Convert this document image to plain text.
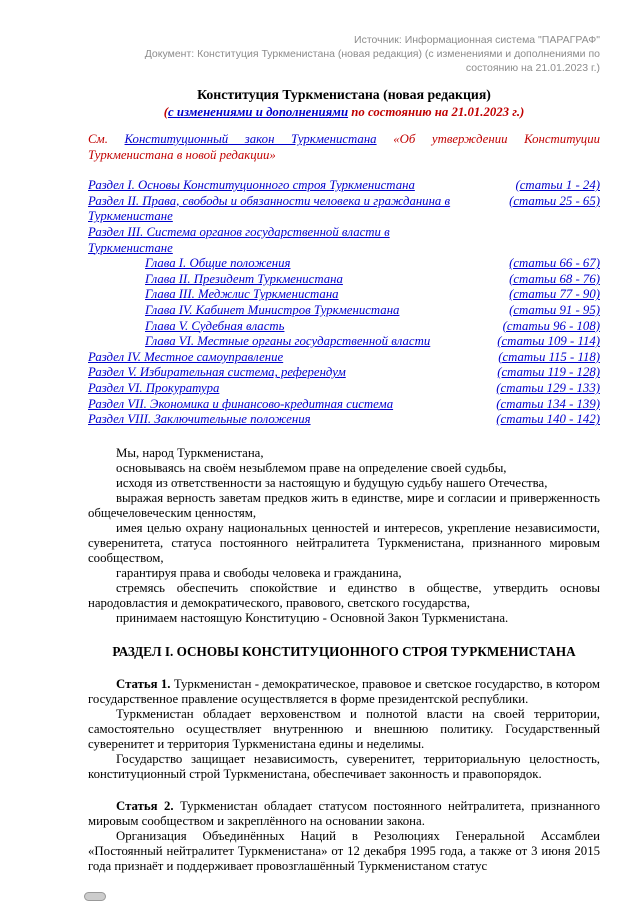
Источник: Информационная система "ПАРАГРАФ"
Документ: Конституция Туркменистана (новая редакция) (с изменениями и дополнениями по состоянию на 21.01.2023 г.)
Конституция Туркменистана (новая редакция)
(с изменениями и дополнениями по состоянию на 21.01.2023 г.)

См. Конституционный закон Туркменистана «Об утверждении Конституции Туркменистана в новой редакции»

Раздел I. Основы Конституционного строя Туркменистана	(статьи 1 - 24)
Раздел II. Права, свободы и обязанности человека и гражданина в Туркменистане
(статьи 25 - 65)
Раздел III. Система органов государственной власти в Туркменистане
Глава I. Общие положения	(статьи 66 - 67)
Глава II. Президент Туркменистана	(статьи 68 - 76)
Глава III. Меджлис Туркменистана	(статьи 77 - 90)
Глава IV. Кабинет Министров Туркменистана	(статьи 91 - 95)
Глава V. Судебная власть	(статьи 96 - 108)
Глава VI. Местные органы государственной власти	(статьи 109 - 114)
Раздел IV. Местное самоуправление	(статьи 115 - 118)
Раздел V. Избирательная система, референдум	(статьи 119 - 128)
Раздел VI. Прокуратура	(статьи 129 - 133)
Раздел VII. Экономика и финансово-кредитная система	(статьи 134 - 139)
Раздел VIII. Заключительные положения	(статьи 140 - 142)

Мы, народ Туркменистана,

основываясь на своём незыблемом праве на определение своей судьбы,

исходя из ответственности за настоящую и будущую судьбу нашего Отечества,

выражая верность заветам предков жить в единстве, мире и согласии и приверженность общечеловеческим ценностям,

имея целью охрану национальных ценностей и интересов, укрепление независимости, суверенитета, статуса постоянного нейтралитета Туркменистана, признанного мировым сообществом,

гарантируя права и свободы человека и гражданина,

стремясь обеспечить спокойствие и единство в обществе, утвердить основы народовластия и демократического, правового, светского государства,

принимаем настоящую Конституцию - Основной Закон Туркменистана.

РАЗДЕЛ I. ОСНОВЫ КОНСТИТУЦИОННОГО СТРОЯ ТУРКМЕНИСТАНА

Статья 1. Туркменистан - демократическое, правовое и светское государство, в котором государственное правление осуществляется в форме президентской республики.

Туркменистан обладает верховенством и полнотой власти на своей территории, самостоятельно осуществляет внутреннюю и внешнюю политику. Государственный суверенитет и территория Туркменистана едины и неделимы.

Государство защищает независимость, суверенитет, территориальную целостность, конституционный строй Туркменистана, обеспечивает законность и правопорядок.

Статья 2. Туркменистан обладает статусом постоянного нейтралитета, признанного мировым сообществом и закреплённого на основании закона.

Организация Объединённых Наций в Резолюциях Генеральной Ассамблеи «Постоянный нейтралитет Туркменистана» от 12 декабря 1995 года, а также от 3 июня 2015 года признаёт и поддерживает провозглашённый Туркменистаном статус
